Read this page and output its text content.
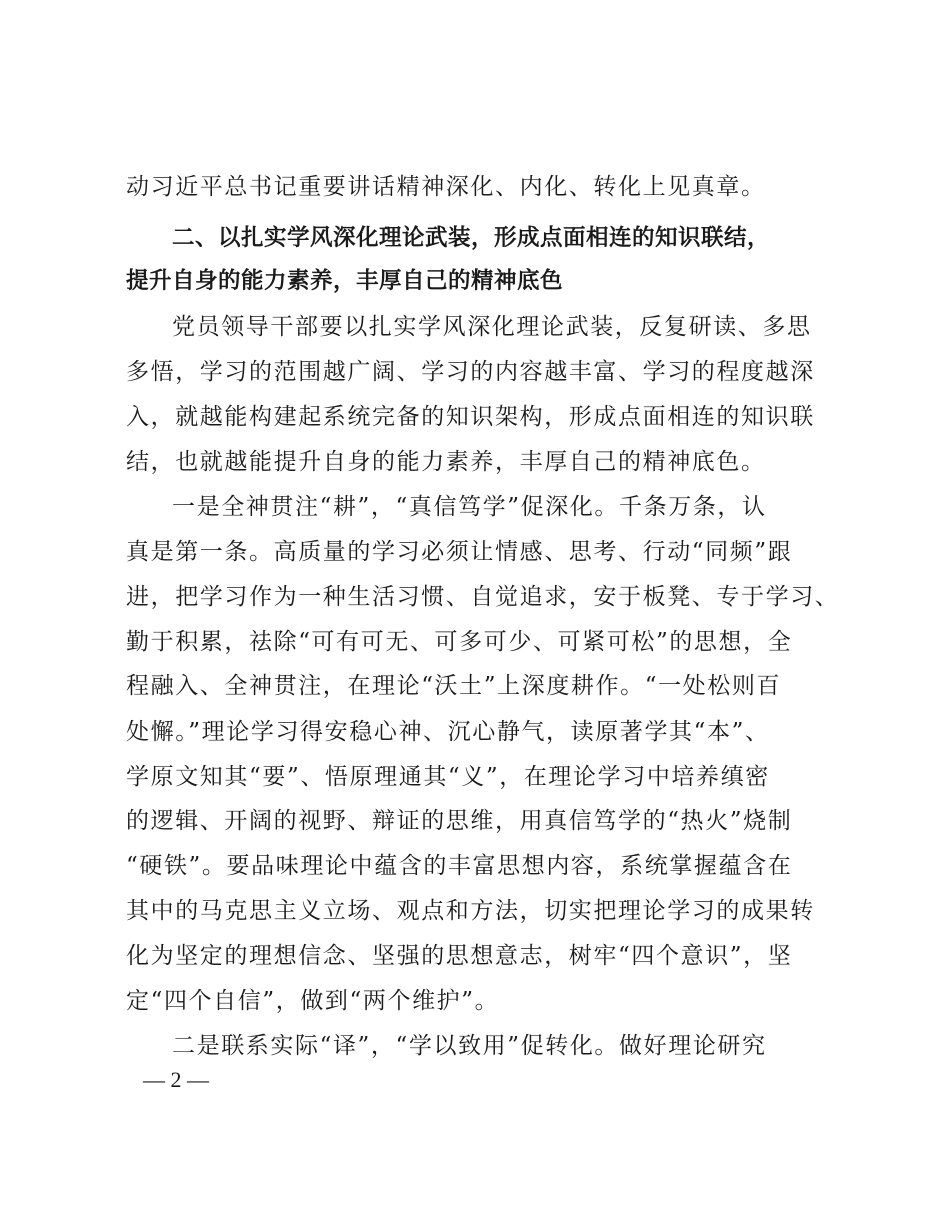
动习近平总书记重要讲话精神深化、内化、转化上见真章。
二、以扎实学风深化理论武装，形成点面相连的知识联结，
提升自身的能力素养，丰厚自己的精神底色
党员领导干部要以扎实学风深化理论武装，反复研读、多思
多悟，学习的范围越广阔、学习的内容越丰富、学习的程度越深
入，就越能构建起系统完备的知识架构，形成点面相连的知识联
结，也就越能提升自身的能力素养，丰厚自己的精神底色。
一是全神贯注“耕”，“真信笃学”促深化。千条万条，认
真是第一条。高质量的学习必须让情感、思考、行动“同频”跟
进，把学习作为一种生活习惯、自觉追求，安于板凳、专于学习、
勤于积累，祛除“可有可无、可多可少、可紧可松”的思想，全
程融入、全神贯注，在理论“沃土”上深度耕作。“一处松则百
处懈。”理论学习得安稳心神、沉心静气，读原著学其“本”、
学原文知其“要”、悟原理通其“义”，在理论学习中培养缜密
的逻辑、开阔的视野、辩证的思维，用真信笃学的“热火”烧制
“硬铁”。要品味理论中蕴含的丰富思想内容，系统掌握蕴含在
其中的马克思主义立场、观点和方法，切实把理论学习的成果转
化为坚定的理想信念、坚强的思想意志，树牢“四个意识”，坚
定“四个自信”，做到“两个维护”。
二是联系实际“译”，“学以致用”促转化。做好理论研究
— 2 —
